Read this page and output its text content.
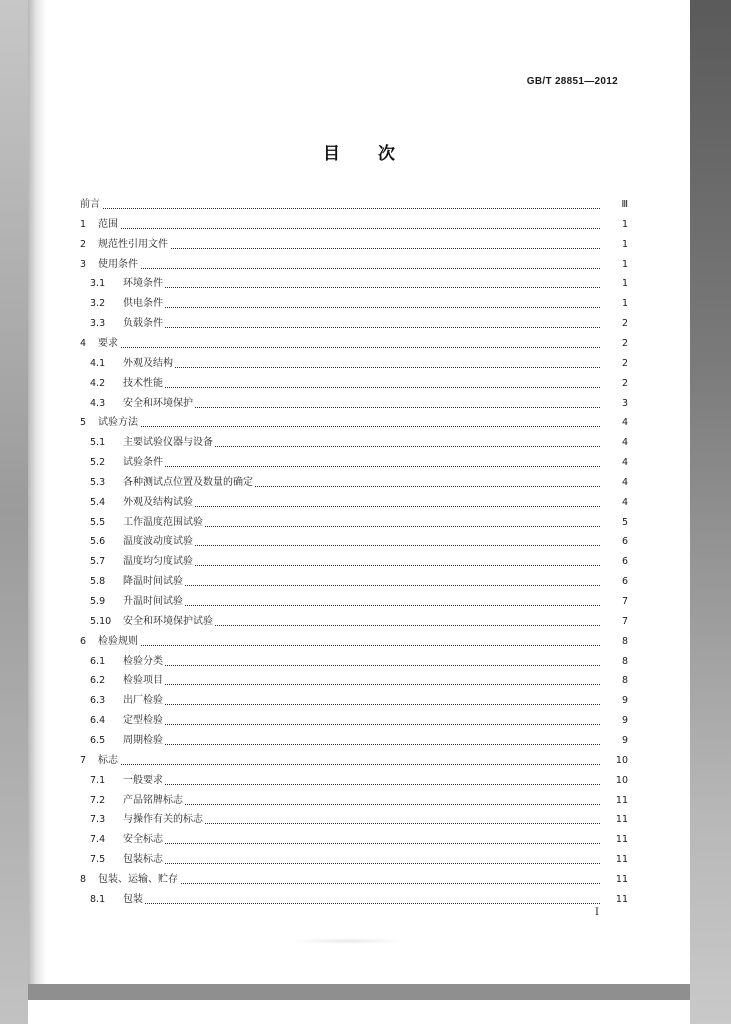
GB/T 28851—2012
目次
前言	Ⅲ
1 范围	1
2 规范性引用文件	1
3 使用条件	1
3.1 环境条件	1
3.2 供电条件	1
3.3 负载条件	2
4 要求	2
4.1 外观及结构	2
4.2 技术性能	2
4.3 安全和环境保护	3
5 试验方法	4
5.1 主要试验仪器与设备	4
5.2 试验条件	4
5.3 各种测试点位置及数量的确定	4
5.4 外观及结构试验	4
5.5 工作温度范围试验	5
5.6 温度波动度试验	6
5.7 温度均匀度试验	6
5.8 降温时间试验	6
5.9 升温时间试验	7
5.10 安全和环境保护试验	7
6 检验规则	8
6.1 检验分类	8
6.2 检验项目	8
6.3 出厂检验	9
6.4 定型检验	9
6.5 周期检验	9
7 标志	10
7.1 一般要求	10
7.2 产品铭牌标志	11
7.3 与操作有关的标志	11
7.4 安全标志	11
7.5 包装标志	11
8 包装、运输、贮存	11
8.1 包装	11
I
